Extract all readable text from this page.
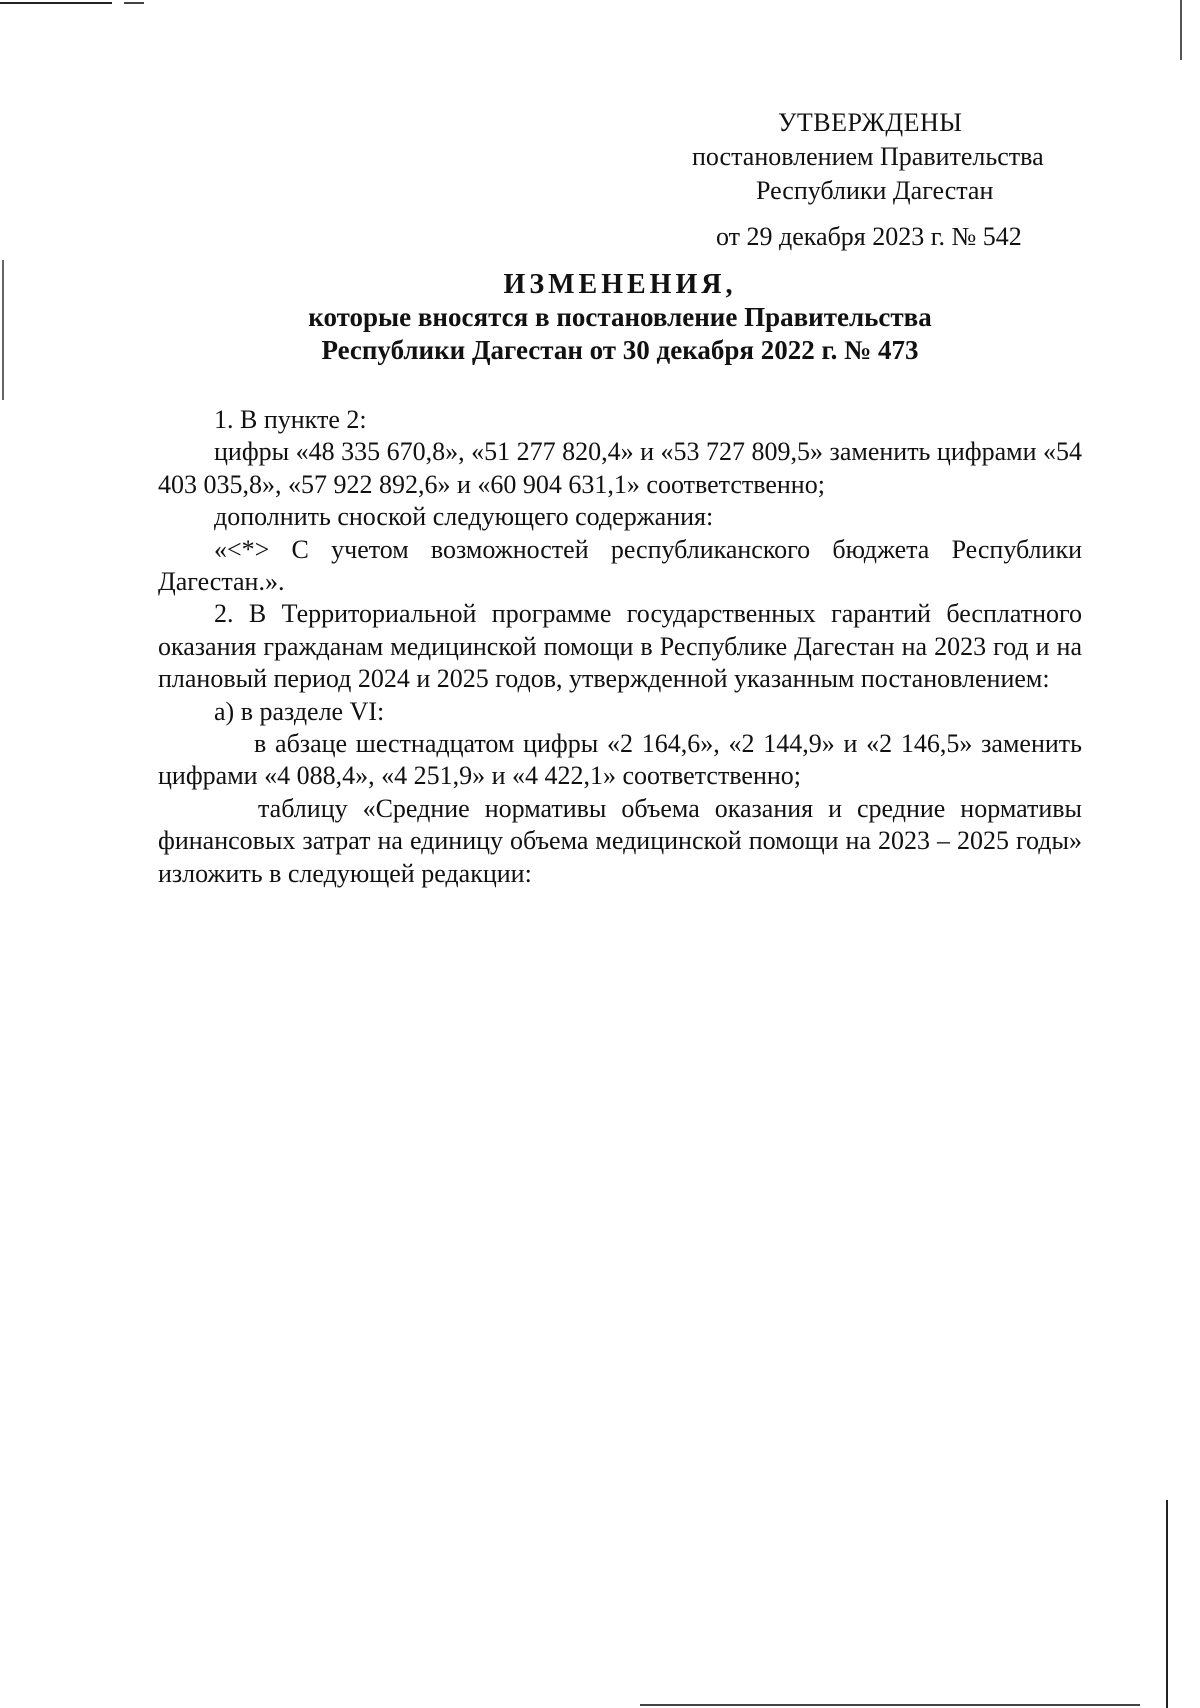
УТВЕРЖДЕНЫ
постановлением Правительства
Республики Дагестан
от 29 декабря 2023 г. № 542
ИЗМЕНЕНИЯ,
которые вносятся в постановление Правительства
Республики Дагестан от 30 декабря 2022 г. № 473

1. В пункте 2:

цифры «48 335 670,8», «51 277 820,4» и «53 727 809,5» заменить цифрами «54 403 035,8», «57 922 892,6» и «60 904 631,1» соответственно;

дополнить сноской следующего содержания:

«<*> С учетом возможностей республиканского бюджета Республики Дагестан.».

2. В Территориальной программе государственных гарантий бесплатного оказания гражданам медицинской помощи в Республике Дагестан на 2023 год и на плановый период 2024 и 2025 годов, утвержденной указанным постановлением:

а) в разделе VI:

в абзаце шестнадцатом цифры «2 164,6», «2 144,9» и «2 146,5» заменить цифрами «4 088,4», «4 251,9» и «4 422,1» соответственно;

таблицу «Средние нормативы объема оказания и средние нормативы финансовых затрат на единицу объема медицинской помощи на 2023 – 2025 годы» изложить в следующей редакции:
